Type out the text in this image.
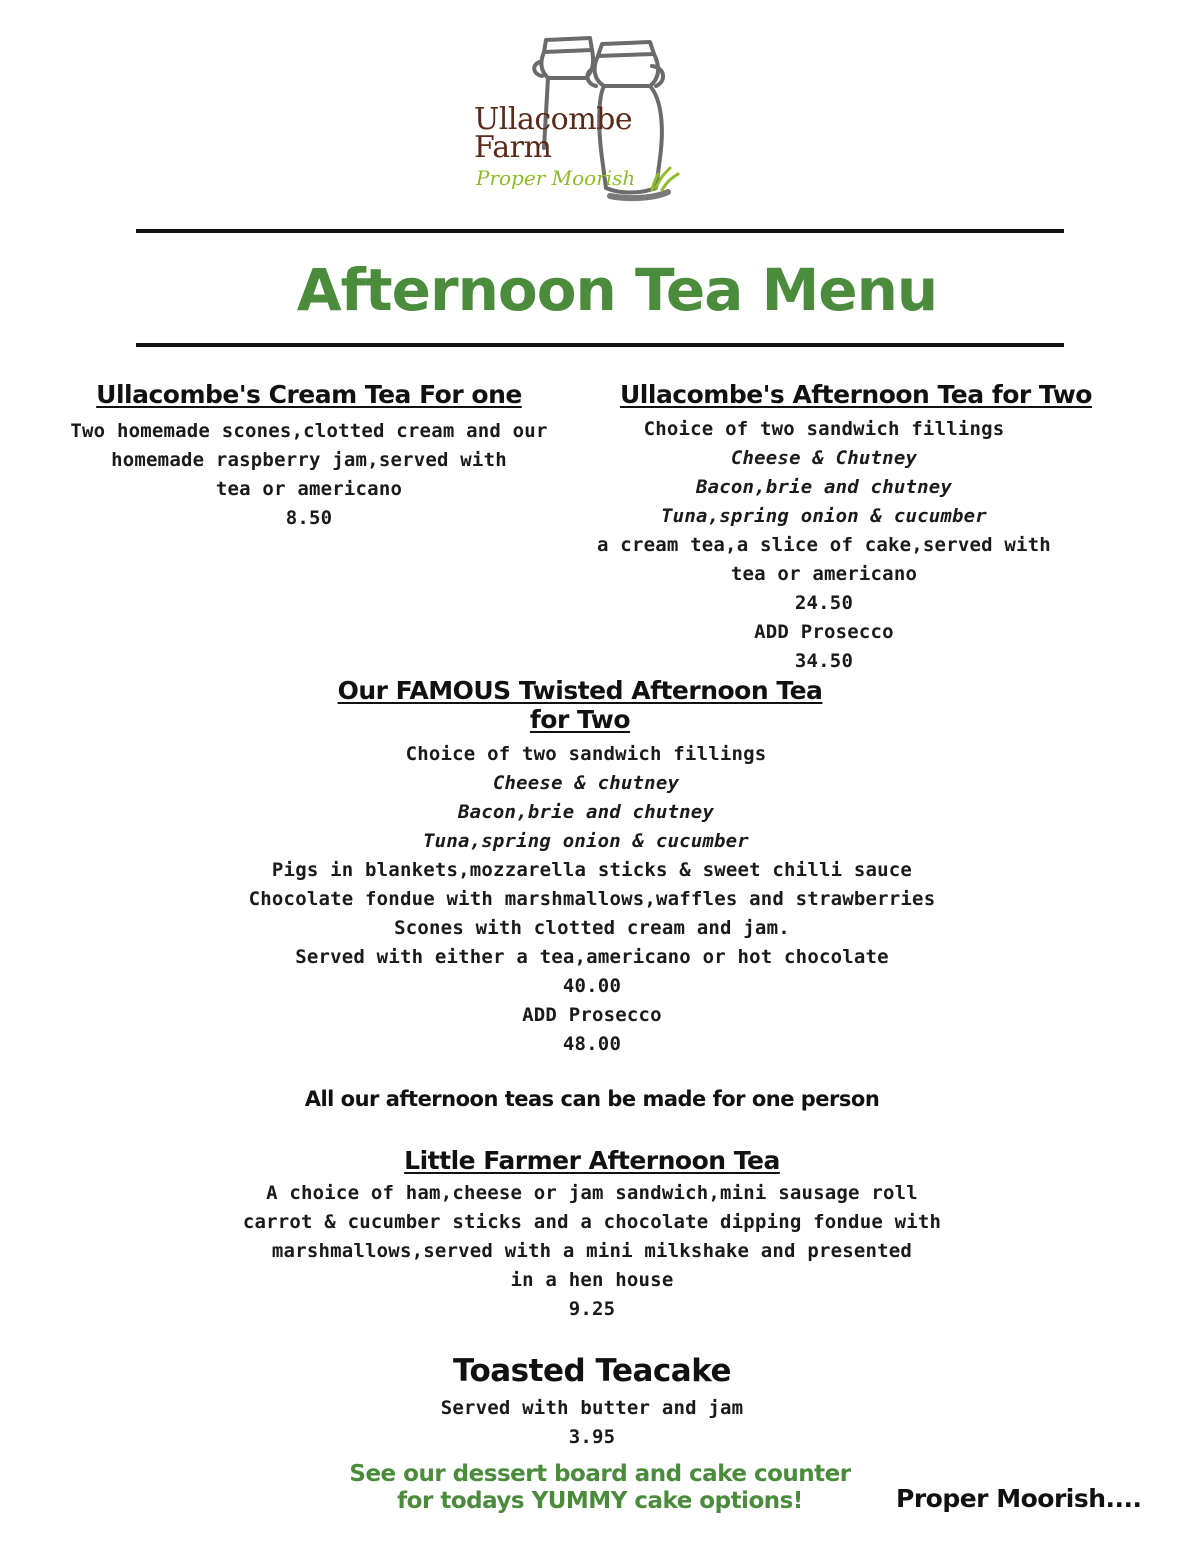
Ullacombe
Farm
Proper Moorish
Afternoon Tea Menu
Ullacombe's Cream Tea For one
Two homemade scones,clotted cream and our
homemade raspberry jam,served with
tea or americano
8.50
Ullacombe's Afternoon Tea for Two
Choice of two sandwich fillings
Cheese & Chutney
Bacon,brie and chutney
Tuna,spring onion & cucumber
a cream tea,a slice of cake,served with
tea or americano
24.50
ADD Prosecco
34.50
Our FAMOUS Twisted Afternoon Tea
for Two
Choice of two sandwich fillings
Cheese & chutney
Bacon,brie and chutney
Tuna,spring onion & cucumber
Pigs in blankets,mozzarella sticks & sweet chilli sauce
Chocolate fondue with marshmallows,waffles and strawberries
Scones with clotted cream and jam.
Served with either a tea,americano or hot chocolate
40.00
ADD Prosecco
48.00
All our afternoon teas can be made for one person
Little Farmer Afternoon Tea
A choice of ham,cheese or jam sandwich,mini sausage roll
carrot & cucumber sticks and a chocolate dipping fondue with
marshmallows,served with a mini milkshake and presented
in a hen house
9.25
Toasted Teacake
Served with butter and jam
3.95
See our dessert board and cake counter
for todays YUMMY cake options!	Proper Moorish....
